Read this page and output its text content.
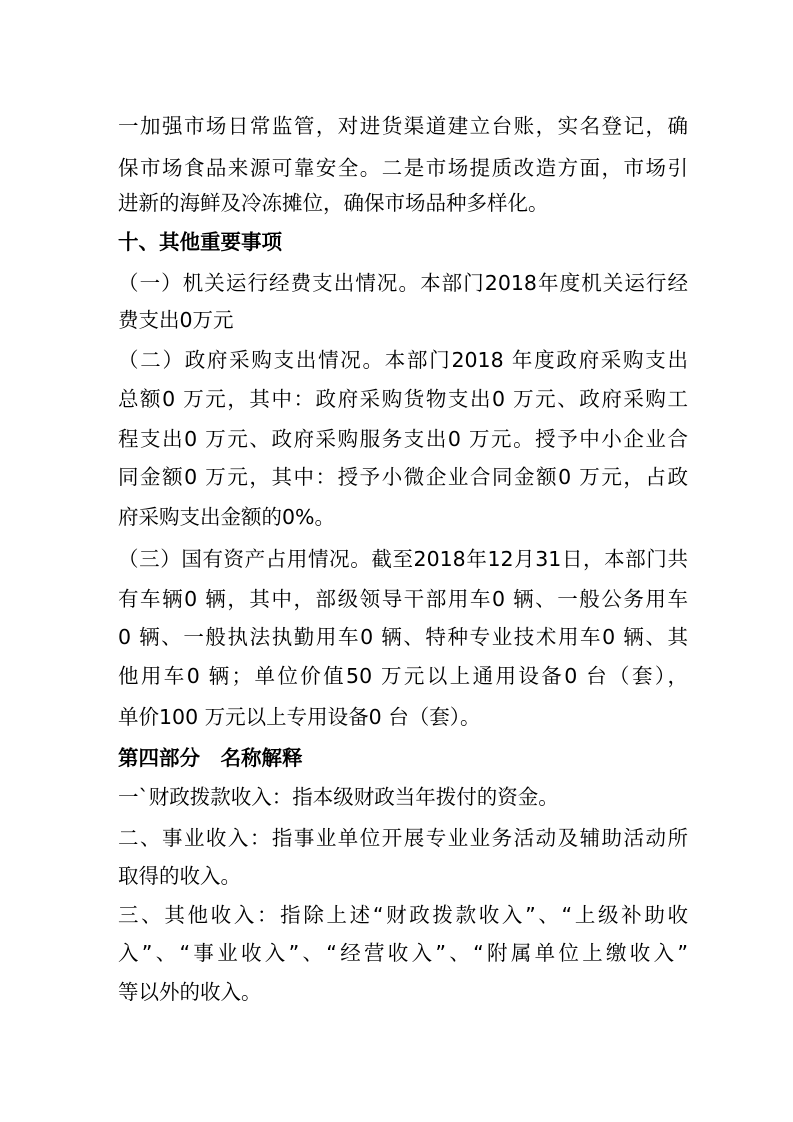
一加强市场日常监管，对进货渠道建立台账，实名登记，确
保市场食品来源可靠安全。二是市场提质改造方面，市场引
进新的海鲜及冷冻摊位，确保市场品种多样化。
十、其他重要事项
（一）机关运行经费支出情况。本部门2018年度机关运行经
费支出0万元
（二）政府采购支出情况。本部门2018 年度政府采购支出
总额0 万元，其中：政府采购货物支出0 万元、政府采购工
程支出0 万元、政府采购服务支出0 万元。授予中小企业合
同金额0 万元，其中：授予小微企业合同金额0 万元，占政
府采购支出金额的0%。
（三）国有资产占用情况。截至2018年12月31日，本部门共
有车辆0 辆，其中，部级领导干部用车0 辆、一般公务用车
0 辆、一般执法执勤用车0 辆、特种专业技术用车0 辆、其
他用车0 辆；单位价值50 万元以上通用设备0 台（套），
单价100 万元以上专用设备0 台（套）。
第四部分　名称解释
一`财政拨款收入：指本级财政当年拨付的资金。
二、事业收入：指事业单位开展专业业务活动及辅助活动所
取得的收入。
三、其他收入：指除上述“财政拨款收入”、“上级补助收
入”、“事业收入”、“经营收入”、“附属单位上缴收入”
等以外的收入。
